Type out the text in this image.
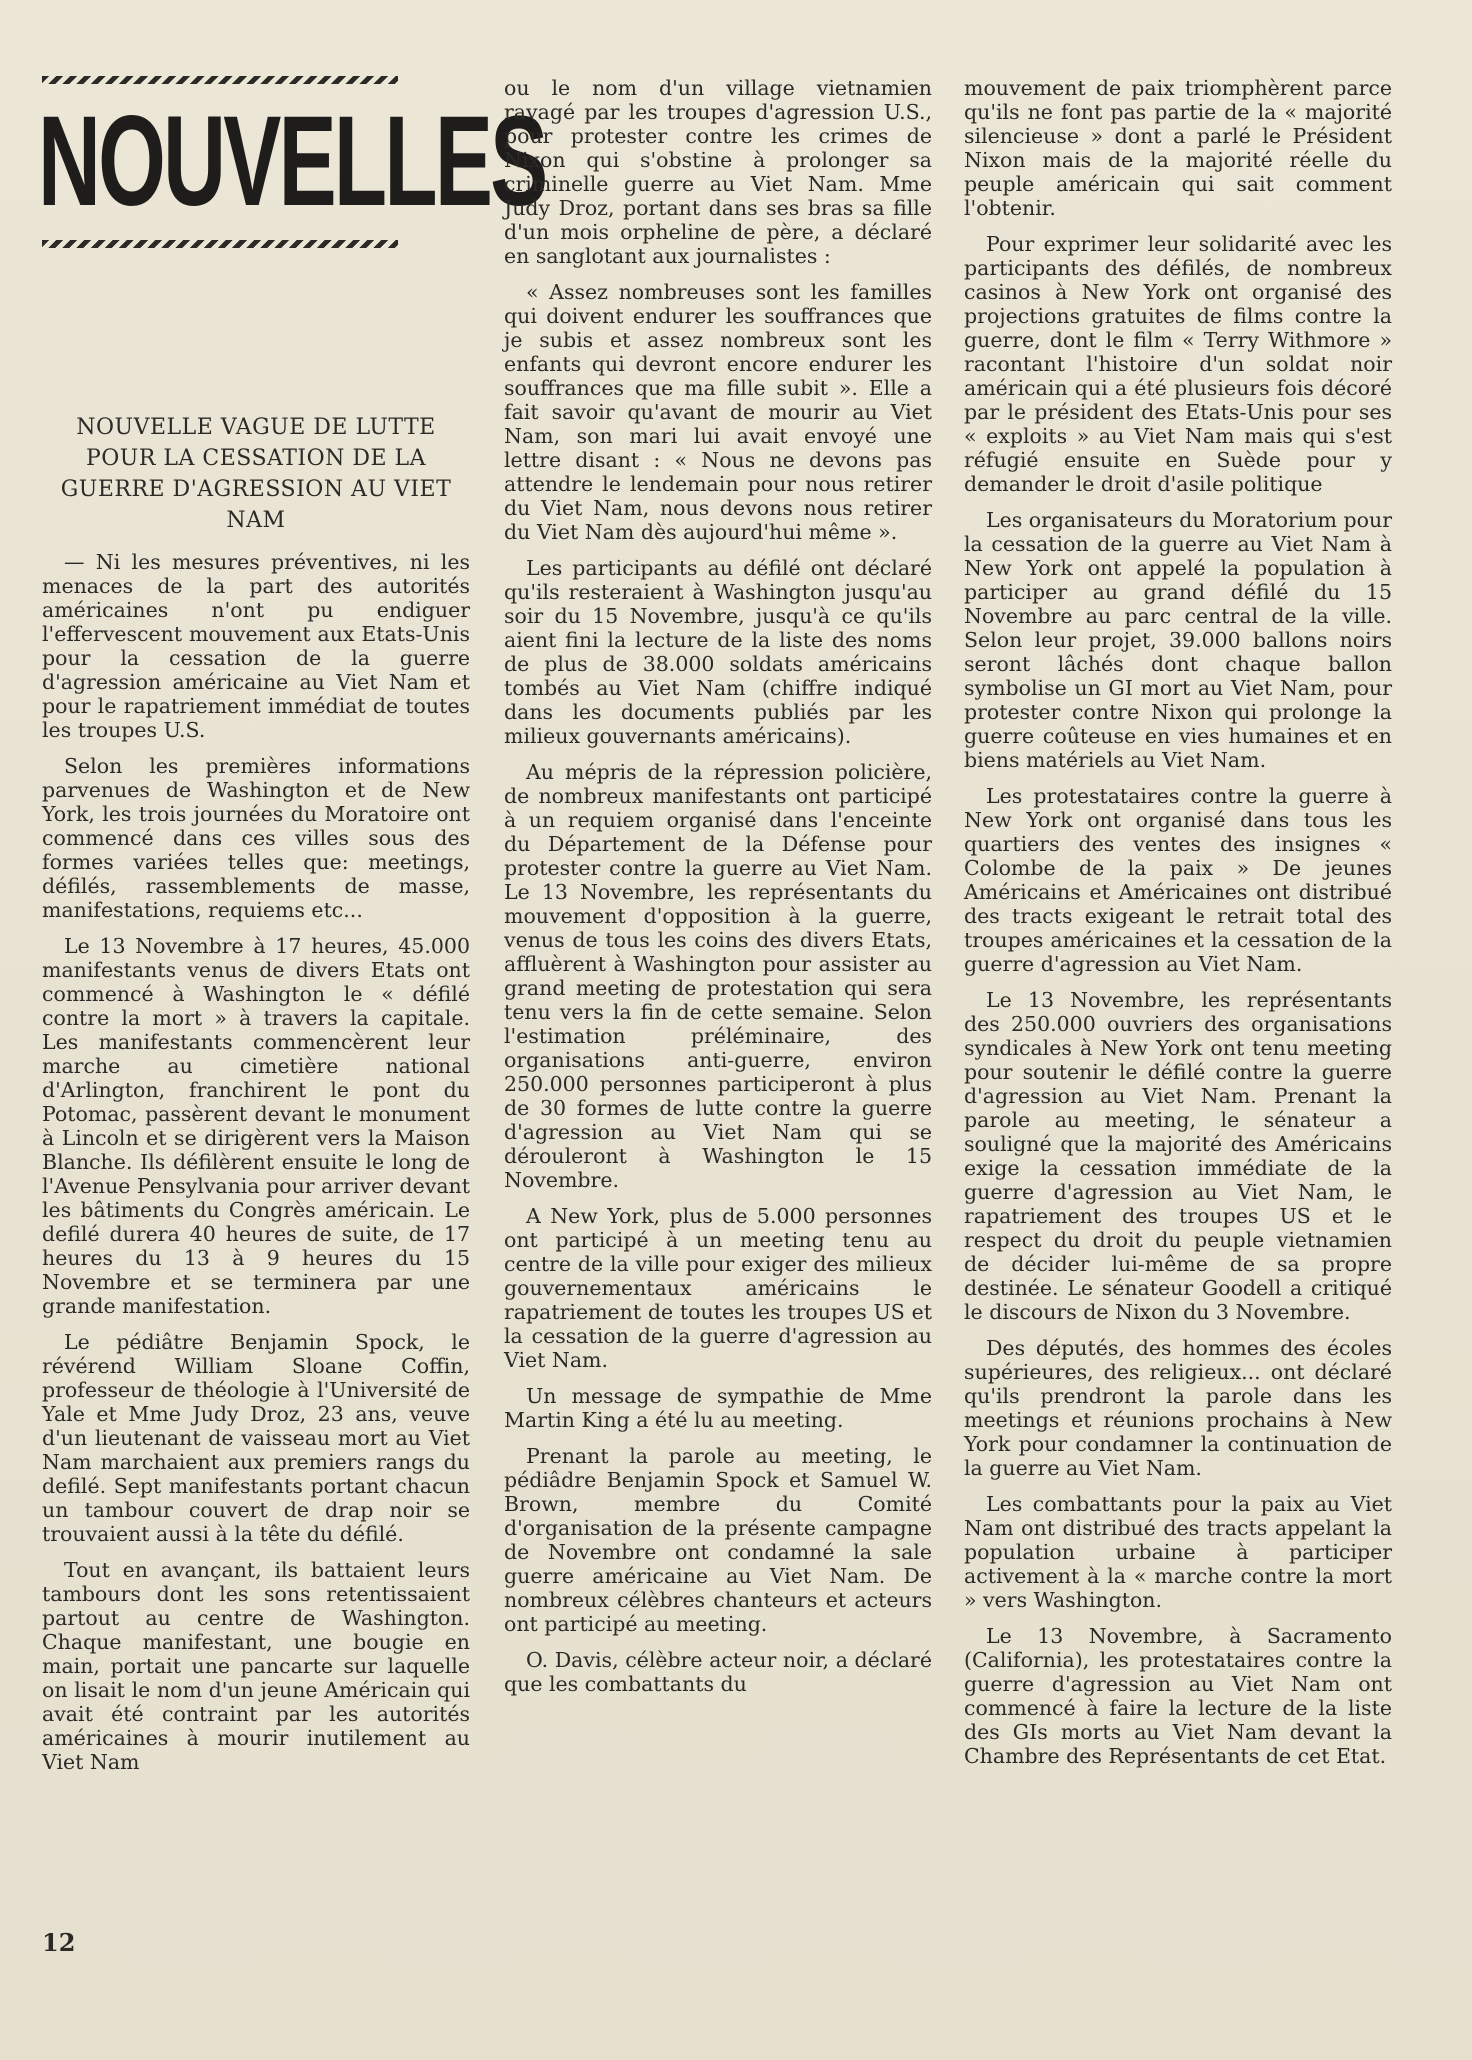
NOUVELLES
NOUVELLE VAGUE DE LUTTE POUR LA CESSATION DE LA GUERRE D'AGRESSION AU VIET NAM

— Ni les mesures préventives, ni les menaces de la part des autorités américaines n'ont pu endiguer l'effervescent mouvement aux Etats-Unis pour la cessation de la guerre d'agression américaine au Viet Nam et pour le rapatriement immédiat de toutes les troupes U.S.

Selon les premières informations parvenues de Washington et de New York, les trois journées du Moratoire ont commencé dans ces villes sous des formes variées telles que: meetings, défilés, rassemblements de masse, manifestations, requiems etc...

Le 13 Novembre à 17 heures, 45.000 manifestants venus de divers Etats ont commencé à Washington le « défilé contre la mort » à travers la capitale. Les manifestants commencèrent leur marche au cimetière national d'Arlington, franchirent le pont du Potomac, passèrent devant le monument à Lincoln et se dirigèrent vers la Maison Blanche. Ils défilèrent ensuite le long de l'Avenue Pensylvania pour arriver devant les bâtiments du Congrès américain. Le defilé durera 40 heures de suite, de 17 heures du 13 à 9 heures du 15 Novembre et se terminera par une grande manifestation.

Le pédiâtre Benjamin Spock, le révérend William Sloane Coffin, professeur de théologie à l'Université de Yale et Mme Judy Droz, 23 ans, veuve d'un lieutenant de vaisseau mort au Viet Nam marchaient aux premiers rangs du defilé. Sept manifestants portant chacun un tambour couvert de drap noir se trouvaient aussi à la tête du défilé.

Tout en avançant, ils battaient leurs tambours dont les sons retentissaient partout au centre de Washington. Chaque manifestant, une bougie en main, portait une pancarte sur laquelle on lisait le nom d'un jeune Américain qui avait été contraint par les autorités américaines à mourir inutilement au Viet Nam

ou le nom d'un village vietnamien ravagé par les troupes d'agression U.S., pour protester contre les crimes de Nixon qui s'obstine à prolonger sa criminelle guerre au Viet Nam. Mme Judy Droz, portant dans ses bras sa fille d'un mois orpheline de père, a déclaré en sanglotant aux journalistes :

« Assez nombreuses sont les familles qui doivent endurer les souffrances que je subis et assez nombreux sont les enfants qui devront encore endurer les souffrances que ma fille subit ». Elle a fait savoir qu'avant de mourir au Viet Nam, son mari lui avait envoyé une lettre disant : « Nous ne devons pas attendre le lendemain pour nous retirer du Viet Nam, nous devons nous retirer du Viet Nam dès aujourd'hui même ».

Les participants au défilé ont déclaré qu'ils resteraient à Washington jusqu'au soir du 15 Novembre, jusqu'à ce qu'ils aient fini la lecture de la liste des noms de plus de 38.000 soldats américains tombés au Viet Nam (chiffre indiqué dans les documents publiés par les milieux gouvernants américains).

Au mépris de la répression policière, de nombreux manifestants ont participé à un requiem organisé dans l'enceinte du Département de la Défense pour protester contre la guerre au Viet Nam. Le 13 Novembre, les représentants du mouvement d'opposition à la guerre, venus de tous les coins des divers Etats, affluèrent à Washington pour assister au grand meeting de protestation qui sera tenu vers la fin de cette semaine. Selon l'estimation préléminaire, des organisations anti-guerre, environ 250.000 personnes participeront à plus de 30 formes de lutte contre la guerre d'agression au Viet Nam qui se dérouleront à Washington le 15 Novembre.

A New York, plus de 5.000 personnes ont participé à un meeting tenu au centre de la ville pour exiger des milieux gouvernementaux américains le rapatriement de toutes les troupes US et la cessation de la guerre d'agression au Viet Nam.

Un message de sympathie de Mme Martin King a été lu au meeting.

Prenant la parole au meeting, le pédiâdre Benjamin Spock et Samuel W. Brown, membre du Comité d'organisation de la présente campagne de Novembre ont condamné la sale guerre américaine au Viet Nam. De nombreux célèbres chanteurs et acteurs ont participé au meeting.

O. Davis, célèbre acteur noir, a déclaré que les combattants du

mouvement de paix triomphèrent parce qu'ils ne font pas partie de la « majorité silencieuse » dont a parlé le Président Nixon mais de la majorité réelle du peuple américain qui sait comment l'obtenir.

Pour exprimer leur solidarité avec les participants des défilés, de nombreux casinos à New York ont organisé des projections gratuites de films contre la guerre, dont le film « Terry Withmore » racontant l'histoire d'un soldat noir américain qui a été plusieurs fois décoré par le président des Etats-Unis pour ses « exploits » au Viet Nam mais qui s'est réfugié ensuite en Suède pour y demander le droit d'asile politique

Les organisateurs du Moratorium pour la cessation de la guerre au Viet Nam à New York ont appelé la population à participer au grand défilé du 15 Novembre au parc central de la ville. Selon leur projet, 39.000 ballons noirs seront lâchés dont chaque ballon symbolise un GI mort au Viet Nam, pour protester contre Nixon qui prolonge la guerre coûteuse en vies humaines et en biens matériels au Viet Nam.

Les protestataires contre la guerre à New York ont organisé dans tous les quartiers des ventes des insignes « Colombe de la paix » De jeunes Américains et Américaines ont distribué des tracts exigeant le retrait total des troupes américaines et la cessation de la guerre d'agression au Viet Nam.

Le 13 Novembre, les représentants des 250.000 ouvriers des organisations syndicales à New York ont tenu meeting pour soutenir le défilé contre la guerre d'agression au Viet Nam. Prenant la parole au meeting, le sénateur a souligné que la majorité des Américains exige la cessation immédiate de la guerre d'agression au Viet Nam, le rapatriement des troupes US et le respect du droit du peuple vietnamien de décider lui-même de sa propre destinée. Le sénateur Goodell a critiqué le discours de Nixon du 3 Novembre.

Des députés, des hommes des écoles supérieures, des religieux... ont déclaré qu'ils prendront la parole dans les meetings et réunions prochains à New York pour condamner la continuation de la guerre au Viet Nam.

Les combattants pour la paix au Viet Nam ont distribué des tracts appelant la population urbaine à participer activement à la « marche contre la mort » vers Washington.

Le 13 Novembre, à Sacramento (California), les protestataires contre la guerre d'agression au Viet Nam ont commencé à faire la lecture de la liste des GIs morts au Viet Nam devant la Chambre des Représentants de cet Etat.

12
